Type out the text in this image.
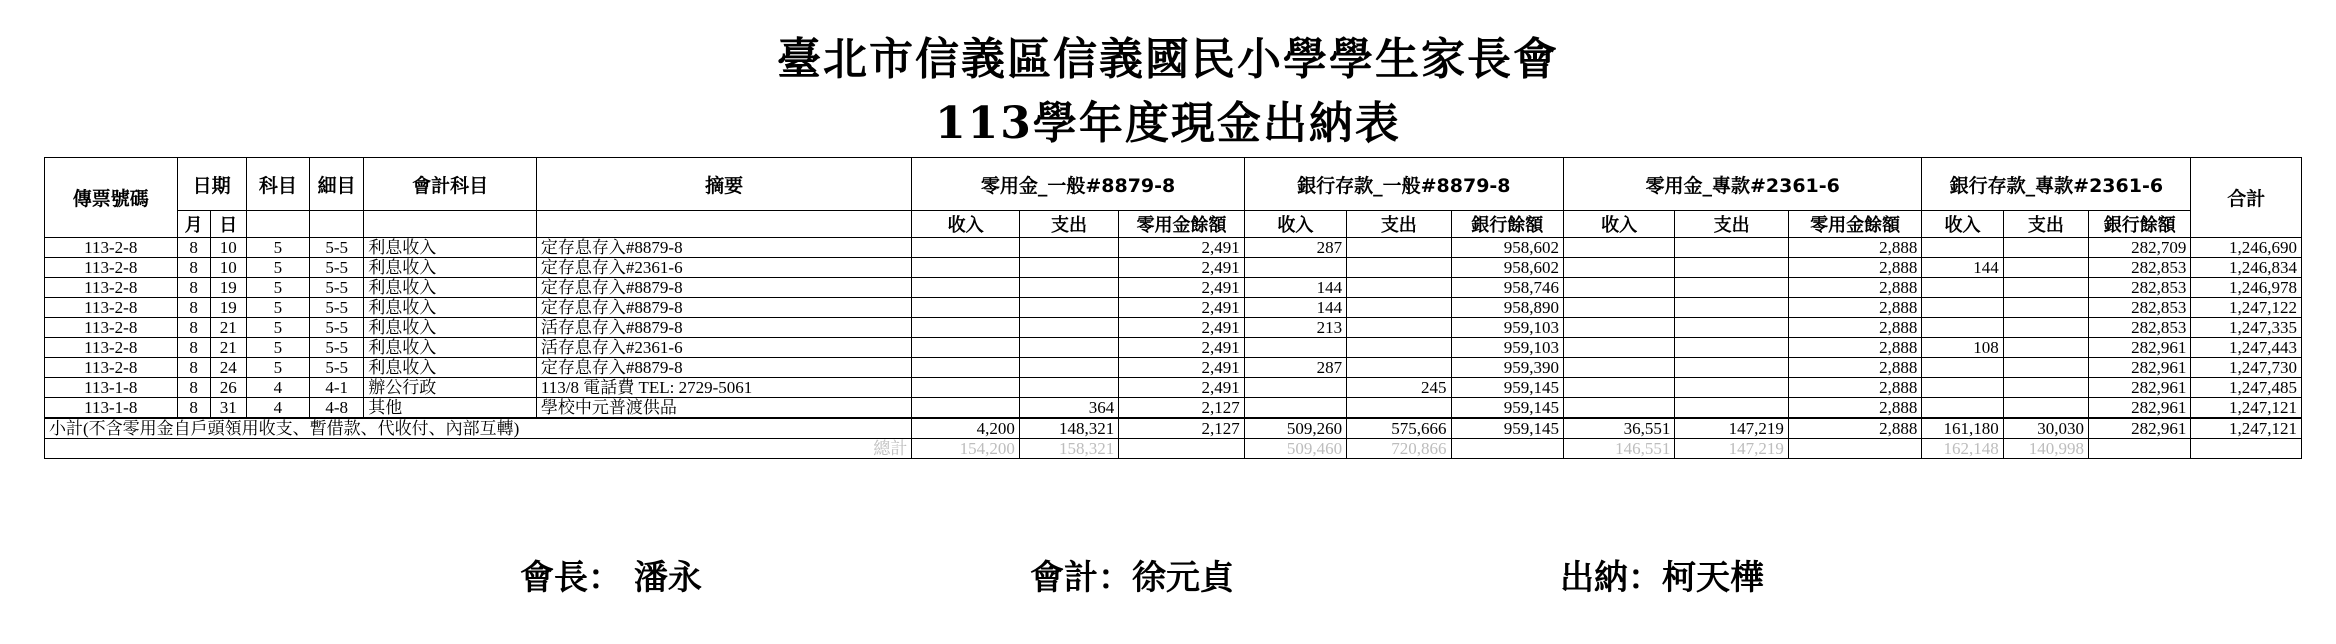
臺北市信義區信義國民小學學生家長會
113學年度現金出納表
傳票號碼	日期		科目	細目	會計科目	摘要	零用金_一般#8879-8			銀行存款_一般#8879-8			零用金_專款#2361-6			銀行存款_專款#2361-6			合計
	月	日					收入	支出	零用金餘額	收入	支出	銀行餘額	收入	支出	零用金餘額	收入	支出	銀行餘額	
113-2-8	8	10	5	5-5	利息收入	定存息存入#8879-8			2,491	287		958,602			2,888			282,709	1,246,690
113-2-8	8	10	5	5-5	利息收入	定存息存入#2361-6			2,491			958,602			2,888	144		282,853	1,246,834
113-2-8	8	19	5	5-5	利息收入	定存息存入#8879-8			2,491	144		958,746			2,888			282,853	1,246,978
113-2-8	8	19	5	5-5	利息收入	定存息存入#8879-8			2,491	144		958,890			2,888			282,853	1,247,122
113-2-8	8	21	5	5-5	利息收入	活存息存入#8879-8			2,491	213		959,103			2,888			282,853	1,247,335
113-2-8	8	21	5	5-5	利息收入	活存息存入#2361-6			2,491			959,103			2,888	108		282,961	1,247,443
113-2-8	8	24	5	5-5	利息收入	定存息存入#8879-8			2,491	287		959,390			2,888			282,961	1,247,730
113-1-8	8	26	4	4-1	辦公行政	113/8 電話費 TEL: 2729-5061			2,491		245	959,145			2,888			282,961	1,247,485
113-1-8	8	31	4	4-8	其他	學校中元普渡供品		364	2,127			959,145			2,888			282,961	1,247,121
小計(不含零用金自戶頭領用收支、暫借款、代收付、內部互轉)							4,200	148,321	2,127	509,260	575,666	959,145	36,551	147,219	2,888	161,180	30,030	282,961	1,247,121
總計							154,200	158,321		509,460	720,866		146,551	147,219		162,148	140,998		
會長： 潘永	會計：徐元貞	出納：柯天樺
